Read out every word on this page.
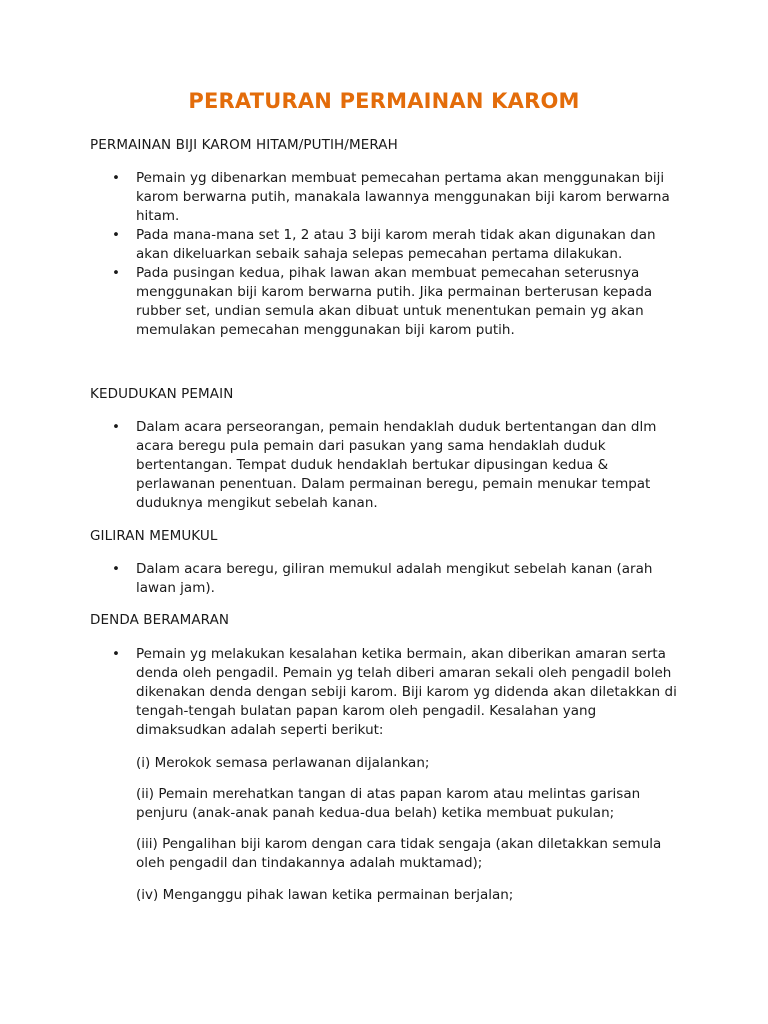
PERATURAN PERMAINAN KAROM
PERMAINAN BIJI KAROM HITAM/PUTIH/MERAH
• Pemain yg dibenarkan membuat pemecahan pertama akan menggunakan biji karom berwarna putih, manakala lawannya menggunakan biji karom berwarna hitam.
• Pada mana-mana set 1, 2 atau 3 biji karom merah tidak akan digunakan dan akan dikeluarkan sebaik sahaja selepas pemecahan pertama dilakukan.
• Pada pusingan kedua, pihak lawan akan membuat pemecahan seterusnya menggunakan biji karom berwarna putih. Jika permainan berterusan kepada rubber set, undian semula akan dibuat untuk menentukan pemain yg akan memulakan pemecahan menggunakan biji karom putih.
KEDUDUKAN PEMAIN
• Dalam acara perseorangan, pemain hendaklah duduk bertentangan dan dlm acara beregu pula pemain dari pasukan yang sama hendaklah duduk bertentangan. Tempat duduk hendaklah bertukar dipusingan kedua & perlawanan penentuan. Dalam permainan beregu, pemain menukar tempat duduknya mengikut sebelah kanan.
GILIRAN MEMUKUL
• Dalam acara beregu, giliran memukul adalah mengikut sebelah kanan (arah lawan jam).
DENDA BERAMARAN
• Pemain yg melakukan kesalahan ketika bermain, akan diberikan amaran serta denda oleh pengadil. Pemain yg telah diberi amaran sekali oleh pengadil boleh dikenakan denda dengan sebiji karom. Biji karom yg didenda akan diletakkan di tengah-tengah bulatan papan karom oleh pengadil. Kesalahan yang dimaksudkan adalah seperti berikut:
(i) Merokok semasa perlawanan dijalankan;
(ii) Pemain merehatkan tangan di atas papan karom atau melintas garisan penjuru (anak-anak panah kedua-dua belah) ketika membuat pukulan;
(iii) Pengalihan biji karom dengan cara tidak sengaja (akan diletakkan semula oleh pengadil dan tindakannya adalah muktamad);
(iv) Menganggu pihak lawan ketika permainan berjalan;
